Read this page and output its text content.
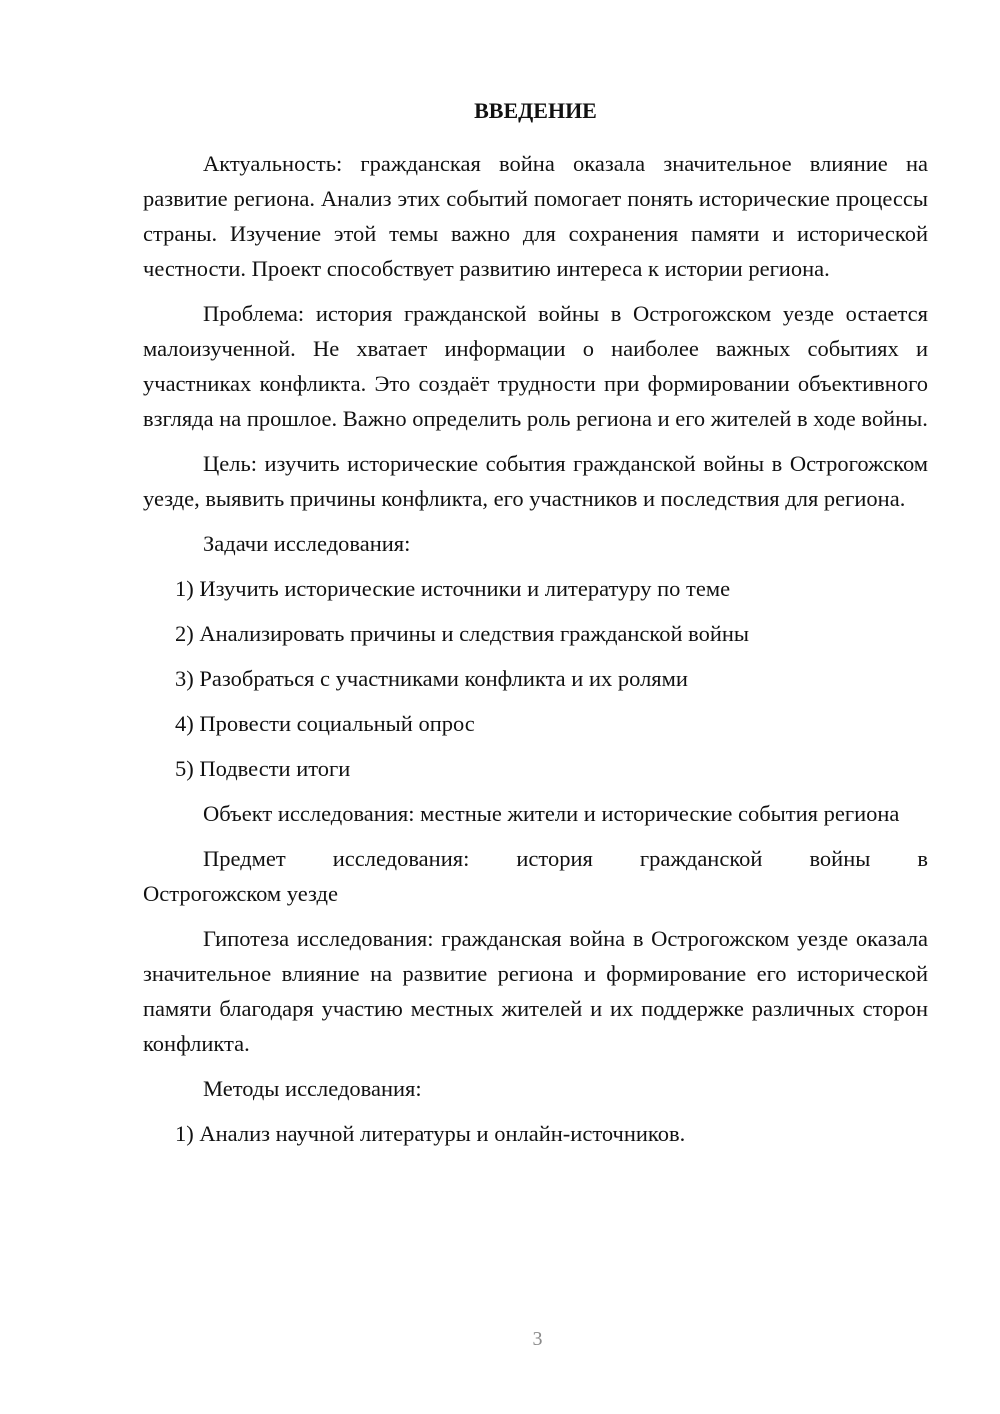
ВВЕДЕНИЕ

Актуальность: гражданская война оказала значительное влияние на развитие региона. Анализ этих событий помогает понять исторические процессы страны. Изучение этой темы важно для сохранения памяти и исторической честности. Проект способствует развитию интереса к истории региона.

Проблема: история гражданской войны в Острогожском уезде остается малоизученной. Не хватает информации о наиболее важных событиях и участниках конфликта. Это создаёт трудности при формировании объективного взгляда на прошлое. Важно определить роль региона и его жителей в ходе войны.

Цель: изучить исторические события гражданской войны в Острогожском уезде, выявить причины конфликта, его участников и последствия для региона.

Задачи исследования:

1) Изучить исторические источники и литературу по теме
2) Анализировать причины и следствия гражданской войны
3) Разобраться с участниками конфликта и их ролями
4) Провести социальный опрос
5) Подвести итоги

Объект исследования: местные жители и исторические события региона

Предмет исследования: история гражданской войны в
Острогожском уезде

Гипотеза исследования: гражданская война в Острогожском уезде оказала значительное влияние на развитие региона и формирование его исторической памяти благодаря участию местных жителей и их поддержке различных сторон конфликта.

Методы исследования:

1) Анализ научной литературы и онлайн-источников.
3
